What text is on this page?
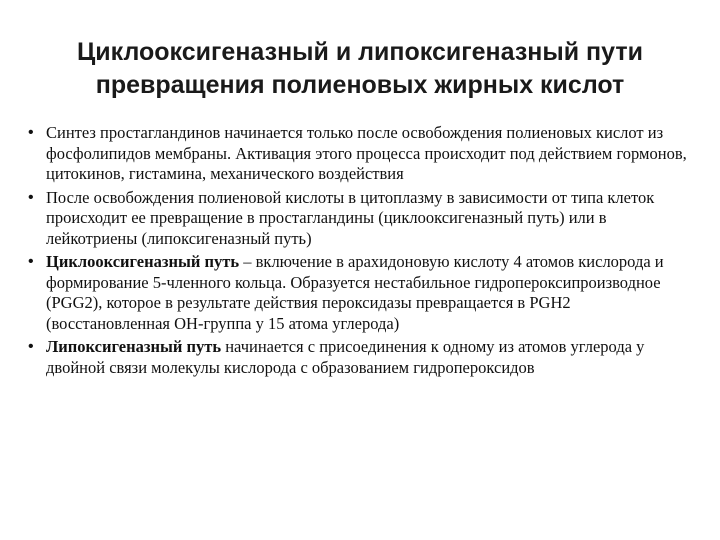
Циклооксигеназный и липоксигеназный пути
превращения полиеновых жирных кислот
• Синтез простагландинов начинается только после освобождения полиеновых кислот из фосфолипидов мембраны. Активация этого процесса происходит под действием гормонов, цитокинов, гистамина, механического воздействия
• После освобождения полиеновой кислоты в цитоплазму в зависимости от типа клеток происходит ее превращение в простагландины (циклооксигеназный путь) или в лейкотриены (липоксигеназный путь)
• Циклооксигеназный путь – включение в арахидоновую кислоту 4 атомов кислорода и формирование 5-членного кольца. Образуется нестабильное гидропероксипроизводное (PGG2), которое в результате действия пероксидазы превращается в PGH2 (восстановленная ОН-группа у 15 атома углерода)
• Липоксигеназный путь начинается с присоединения к одному из атомов углерода у двойной связи молекулы кислорода с образованием гидропероксидов
